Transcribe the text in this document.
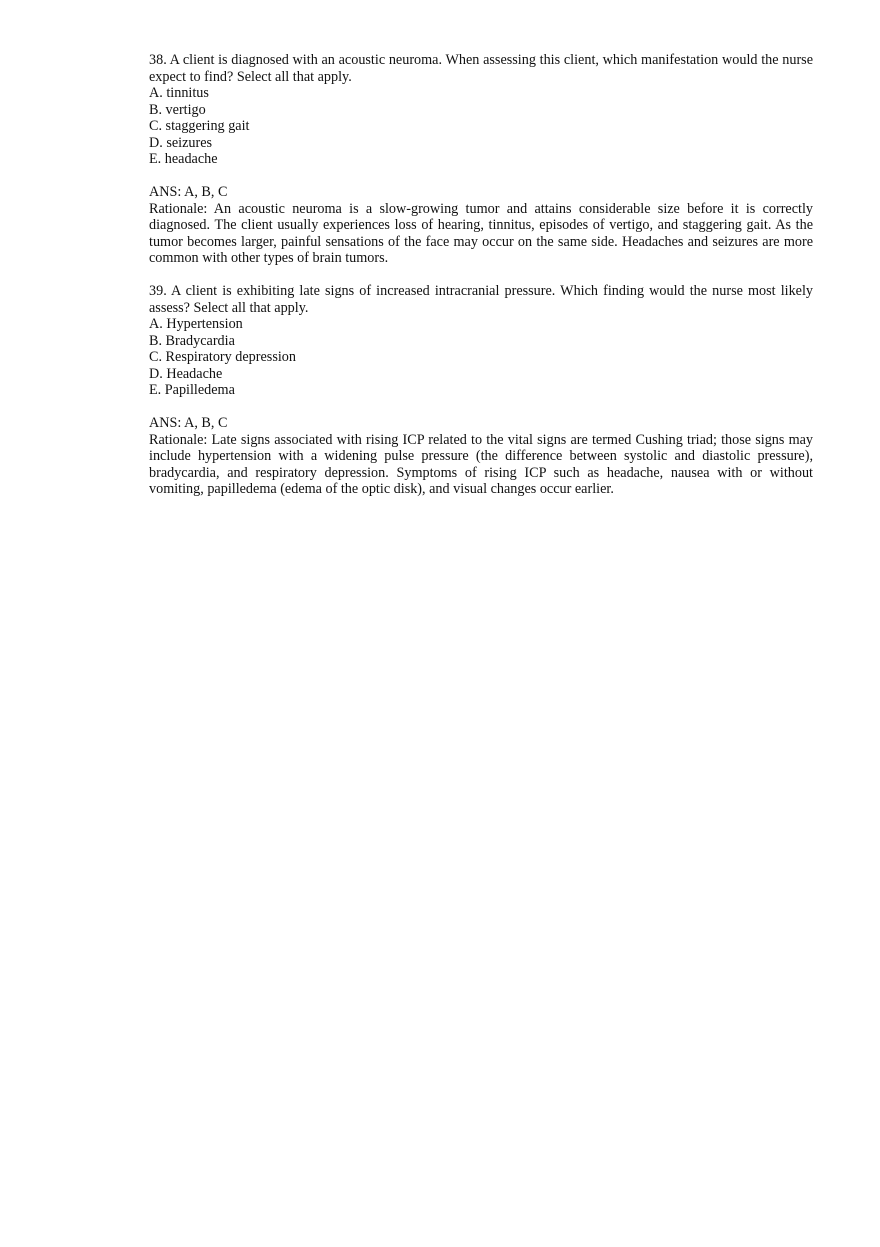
38. A client is diagnosed with an acoustic neuroma. When assessing this client, which manifestation would the nurse expect to find? Select all that apply.
A. tinnitus
B. vertigo
C. staggering gait
D. seizures
E. headache
ANS: A, B, C
Rationale: An acoustic neuroma is a slow-growing tumor and attains considerable size before it is correctly diagnosed. The client usually experiences loss of hearing, tinnitus, episodes of vertigo, and staggering gait. As the tumor becomes larger, painful sensations of the face may occur on the same side. Headaches and seizures are more common with other types of brain tumors.
39. A client is exhibiting late signs of increased intracranial pressure. Which finding would the nurse most likely assess? Select all that apply.
A. Hypertension
B. Bradycardia
C. Respiratory depression
D. Headache
E. Papilledema
ANS: A, B, C
Rationale: Late signs associated with rising ICP related to the vital signs are termed Cushing triad; those signs may include hypertension with a widening pulse pressure (the difference between systolic and diastolic pressure), bradycardia, and respiratory depression. Symptoms of rising ICP such as headache, nausea with or without vomiting, papilledema (edema of the optic disk), and visual changes occur earlier.
